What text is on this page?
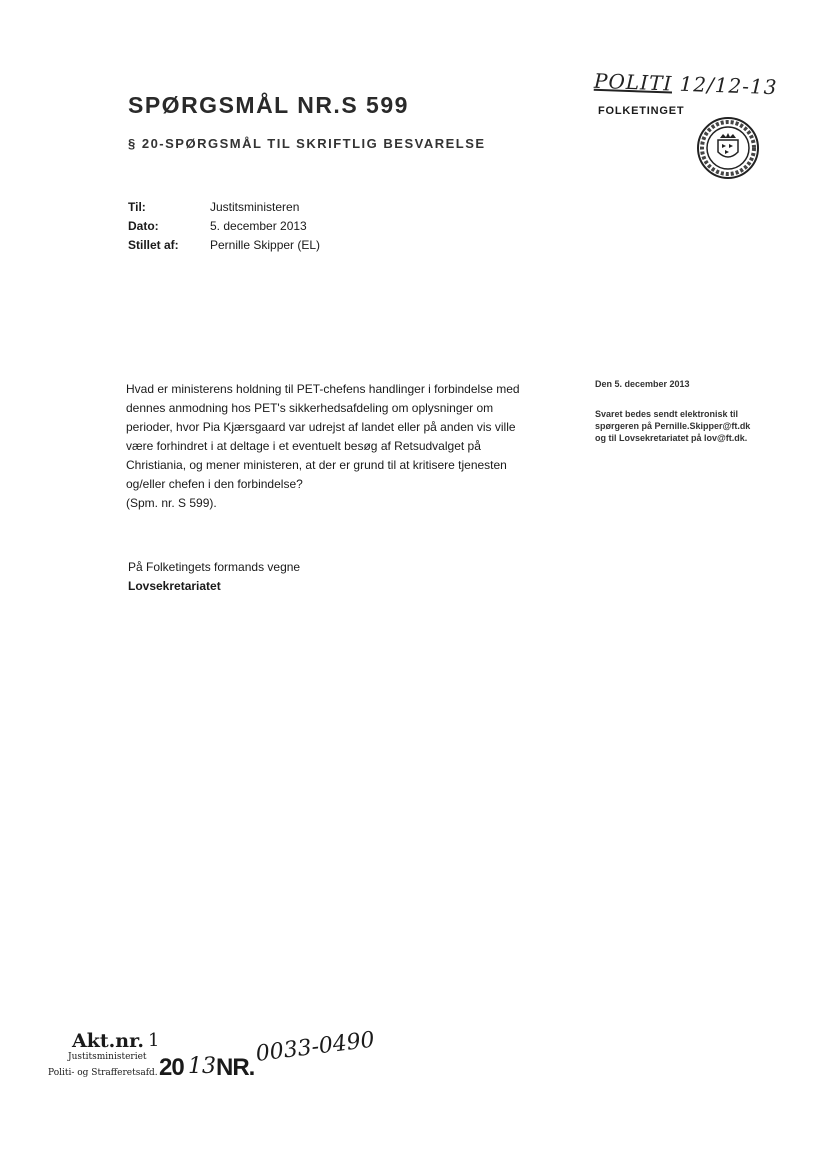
SPØRGSMÅL NR.S 599
§ 20-SPØRGSMÅL TIL SKRIFTLIG BESVARELSE
POLITI 12/12-13
FOLKETINGET
Til:	Justitsministeren
Dato:	5. december 2013
Stillet af:	Pernille Skipper (EL)

Hvad er ministerens holdning til PET-chefens handlinger i forbindelse med

dennes anmodning hos PET's sikkerhedsafdeling om oplysninger om

perioder, hvor Pia Kjærsgaard var udrejst af landet eller på anden vis ville

være forhindret i at deltage i et eventuelt besøg af Retsudvalget på

Christiania, og mener ministeren, at der er grund til at kritisere tjenesten

og/eller chefen i den forbindelse?

(Spm. nr. S 599).

Den 5. december 2013
Svaret bedes sendt elektronisk til
spørgeren på Pernille.Skipper@ft.dk
og til Lovsekretariatet på lov@ft.dk.
På Folketingets formands vegne
Lovsekretariatet
Akt.nr. 1
Justitsministeriet
Politi- og Strafferetsafd. 20 13 NR.
0033-0490
